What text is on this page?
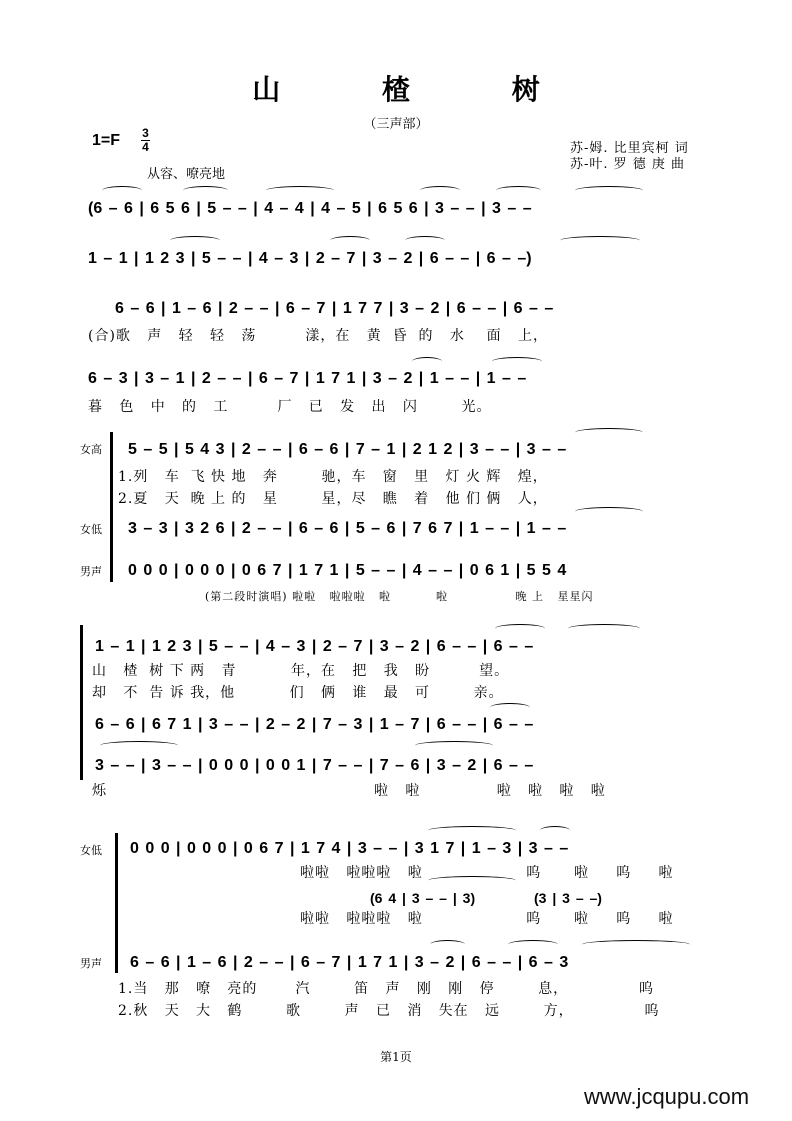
山 楂 树
（三声部）
1=F 3
4
从容、嘹亮地
苏-姆. 比里宾柯 词
苏-叶. 罗 德 庚 曲
(6 – 6 | 6 5 6 | 5 – – | 4 – 4 | 4 – 5 | 6 5 6 | 3 – – | 3 – –
1 – 1 | 1 2 3 | 5 – – | 4 – 3 | 2 – 7 | 3 – 2 | 6 – – | 6 – –)
6 – 6 | 1 – 6 | 2 – – | 6 – 7 | 1 7 7 | 3 – 2 | 6 – – | 6 – –
(合)歌   声   轻   轻   荡         漾，在   黄  昏  的   水    面   上，
6 – 3 | 3 – 1 | 2 – – | 6 – 7 | 1 7 1 | 3 – 2 | 1 – – | 1 – –
暮   色   中   的   工         厂   已   发   出   闪        光。
女高 5 – 5 | 5 4 3 | 2 – – | 6 – 6 | 7 – 1 | 2 1 2 | 3 – – | 3 – –
1.列   车  飞 快 地   奔        驰，车   窗   里   灯 火 辉   煌，
2.夏   天  晚 上 的   星        星，尽   瞧   着   他 们 俩   人，
女低 3 – 3 | 3 2 6 | 2 – – | 6 – 6 | 5 – 6 | 7 6 7 | 1 – – | 1 – –
男声 0 0 0 | 0 0 0 | 0 6 7 | 1 7 1 | 5 – – | 4 – – | 0 6 1 | 5 5 4
(第二段时演唱) 啦啦   啦啦啦   啦          啦               晚 上   星星闪
1 – 1 | 1 2 3 | 5 – – | 4 – 3 | 2 – 7 | 3 – 2 | 6 – – | 6 – –
山   楂  树 下 两   青          年，在   把   我   盼         望。
却   不  告 诉 我，他          们   俩   谁   最   可        亲。
6 – 6 | 6 7 1 | 3 – – | 2 – 2 | 7 – 3 | 1 – 7 | 6 – – | 6 – –
3 – – | 3 – – | 0 0 0 | 0 0 1 | 7 – – | 7 – 6 | 3 – 2 | 6 – –
烁                                                 啦   啦              啦   啦   啦   啦
女低 0 0 0 | 0 0 0 | 0 6 7 | 1 7 4 | 3 – – | 3 1 7 | 1 – 3 | 3 – –
啦啦   啦啦啦   啦                   呜      啦     呜     啦
(6 4 | 3 – – | 3)          (3 | 3 – –)
啦啦   啦啦啦   啦                   呜      啦     呜     啦
男声 6 – 6 | 1 – 6 | 2 – – | 6 – 7 | 1 7 1 | 3 – 2 | 6 – – | 6 – 3
1.当   那   嘹   亮的       汽        笛   声   刚   刚   停        息，             呜
2.秋   天   大   鹤        歌        声   已   消   失在   远        方，             呜
第1页
www.jcqupu.com
